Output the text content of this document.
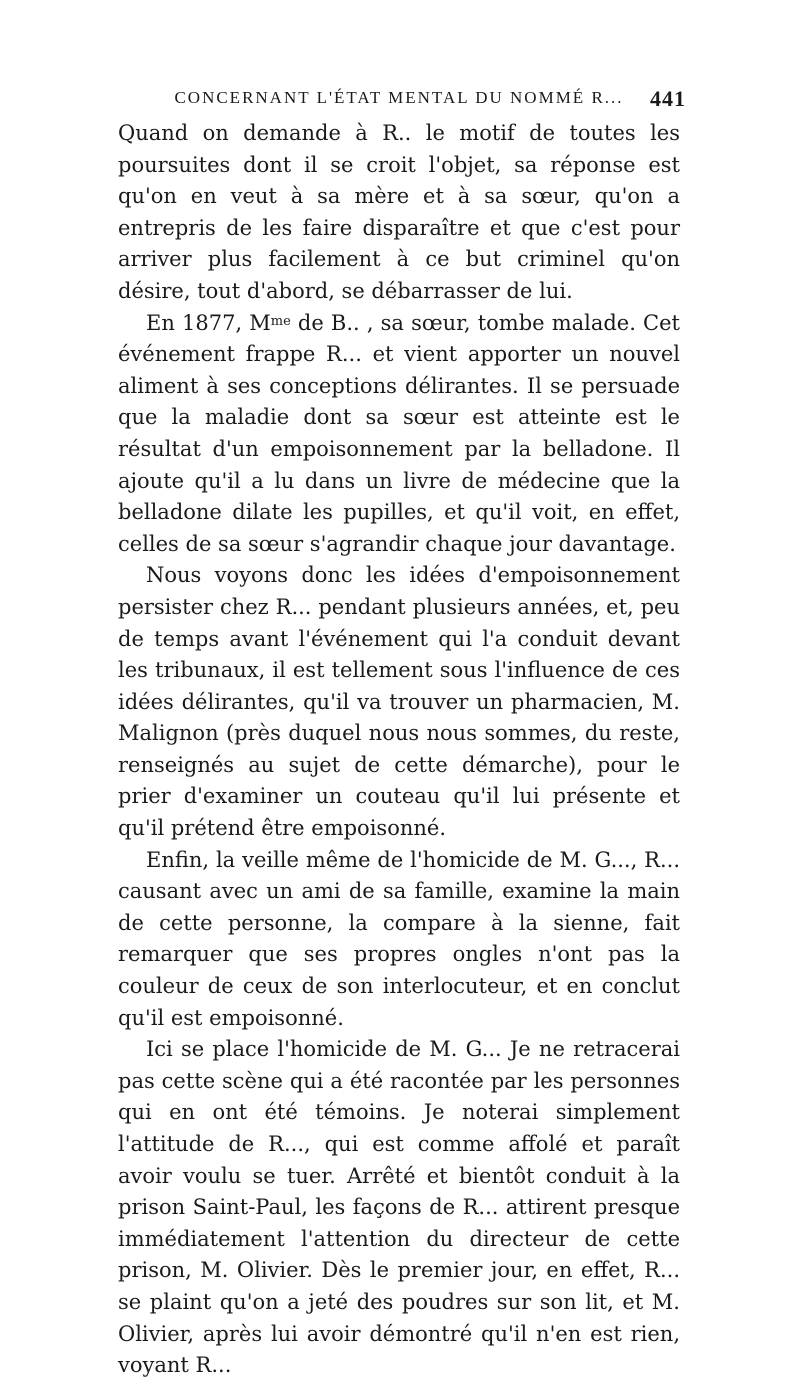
CONCERNANT L'ÉTAT MENTAL DU NOMMÉ R... 441

Quand on demande à R.. le motif de toutes les poursuites dont il se croit l'objet, sa réponse est qu'on en veut à sa mère et à sa sœur, qu'on a entrepris de les faire disparaître et que c'est pour arriver plus facilement à ce but criminel qu'on désire, tout d'abord, se débarrasser de lui.

En 1877, $M^{me}$ de B.. , sa sœur, tombe malade. Cet événement frappe R... et vient apporter un nouvel aliment à ses conceptions délirantes. Il se persuade que la maladie dont sa sœur est atteinte est le résultat d'un empoisonnement par la belladone. Il ajoute qu'il a lu dans un livre de médecine que la belladone dilate les pupilles, et qu'il voit, en effet, celles de sa sœur s'agrandir chaque jour davantage.

Nous voyons donc les idées d'empoisonnement persister chez R... pendant plusieurs années, et, peu de temps avant l'événement qui l'a conduit devant les tribunaux, il est tellement sous l'influence de ces idées délirantes, qu'il va trouver un pharmacien, M. Malignon (près duquel nous nous sommes, du reste, renseignés au sujet de cette démarche), pour le prier d'examiner un couteau qu'il lui présente et qu'il prétend être empoisonné.

Enfin, la veille même de l'homicide de M. G..., R... causant avec un ami de sa famille, examine la main de cette personne, la compare à la sienne, fait remarquer que ses propres ongles n'ont pas la couleur de ceux de son interlocuteur, et en conclut qu'il est empoisonné.

Ici se place l'homicide de M. G... Je ne retracerai pas cette scène qui a été racontée par les personnes qui en ont été témoins. Je noterai simplement l'attitude de R..., qui est comme affolé et paraît avoir voulu se tuer. Arrêté et bientôt conduit à la prison Saint-Paul, les façons de R... attirent presque immédiatement l'attention du directeur de cette prison, M. Olivier. Dès le premier jour, en effet, R... se plaint qu'on a jeté des poudres sur son lit, et M. Olivier, après lui avoir démontré qu'il n'en est rien, voyant R...
